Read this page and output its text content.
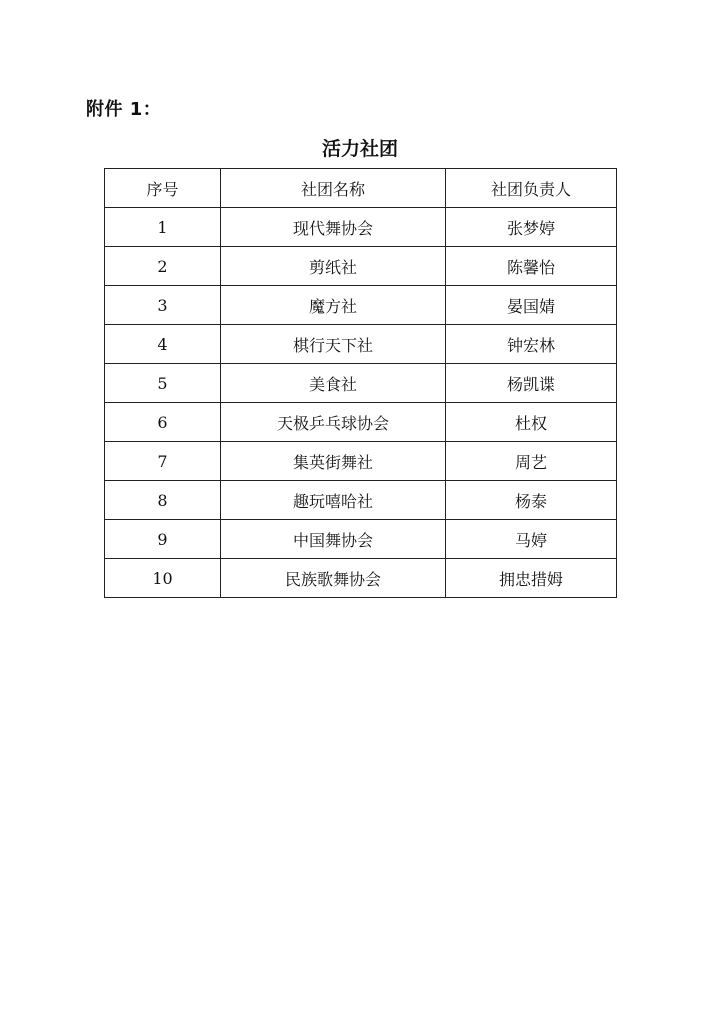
附件 1：
活力社团
序号	社团名称	社团负责人
1	现代舞协会	张梦婷
2	剪纸社	陈馨怡
3	魔方社	晏国婧
4	棋行天下社	钟宏林
5	美食社	杨凯谍
6	天极乒乓球协会	杜权
7	集英街舞社	周艺
8	趣玩嘻哈社	杨泰
9	中国舞协会	马婷
10	民族歌舞协会	拥忠措姆
